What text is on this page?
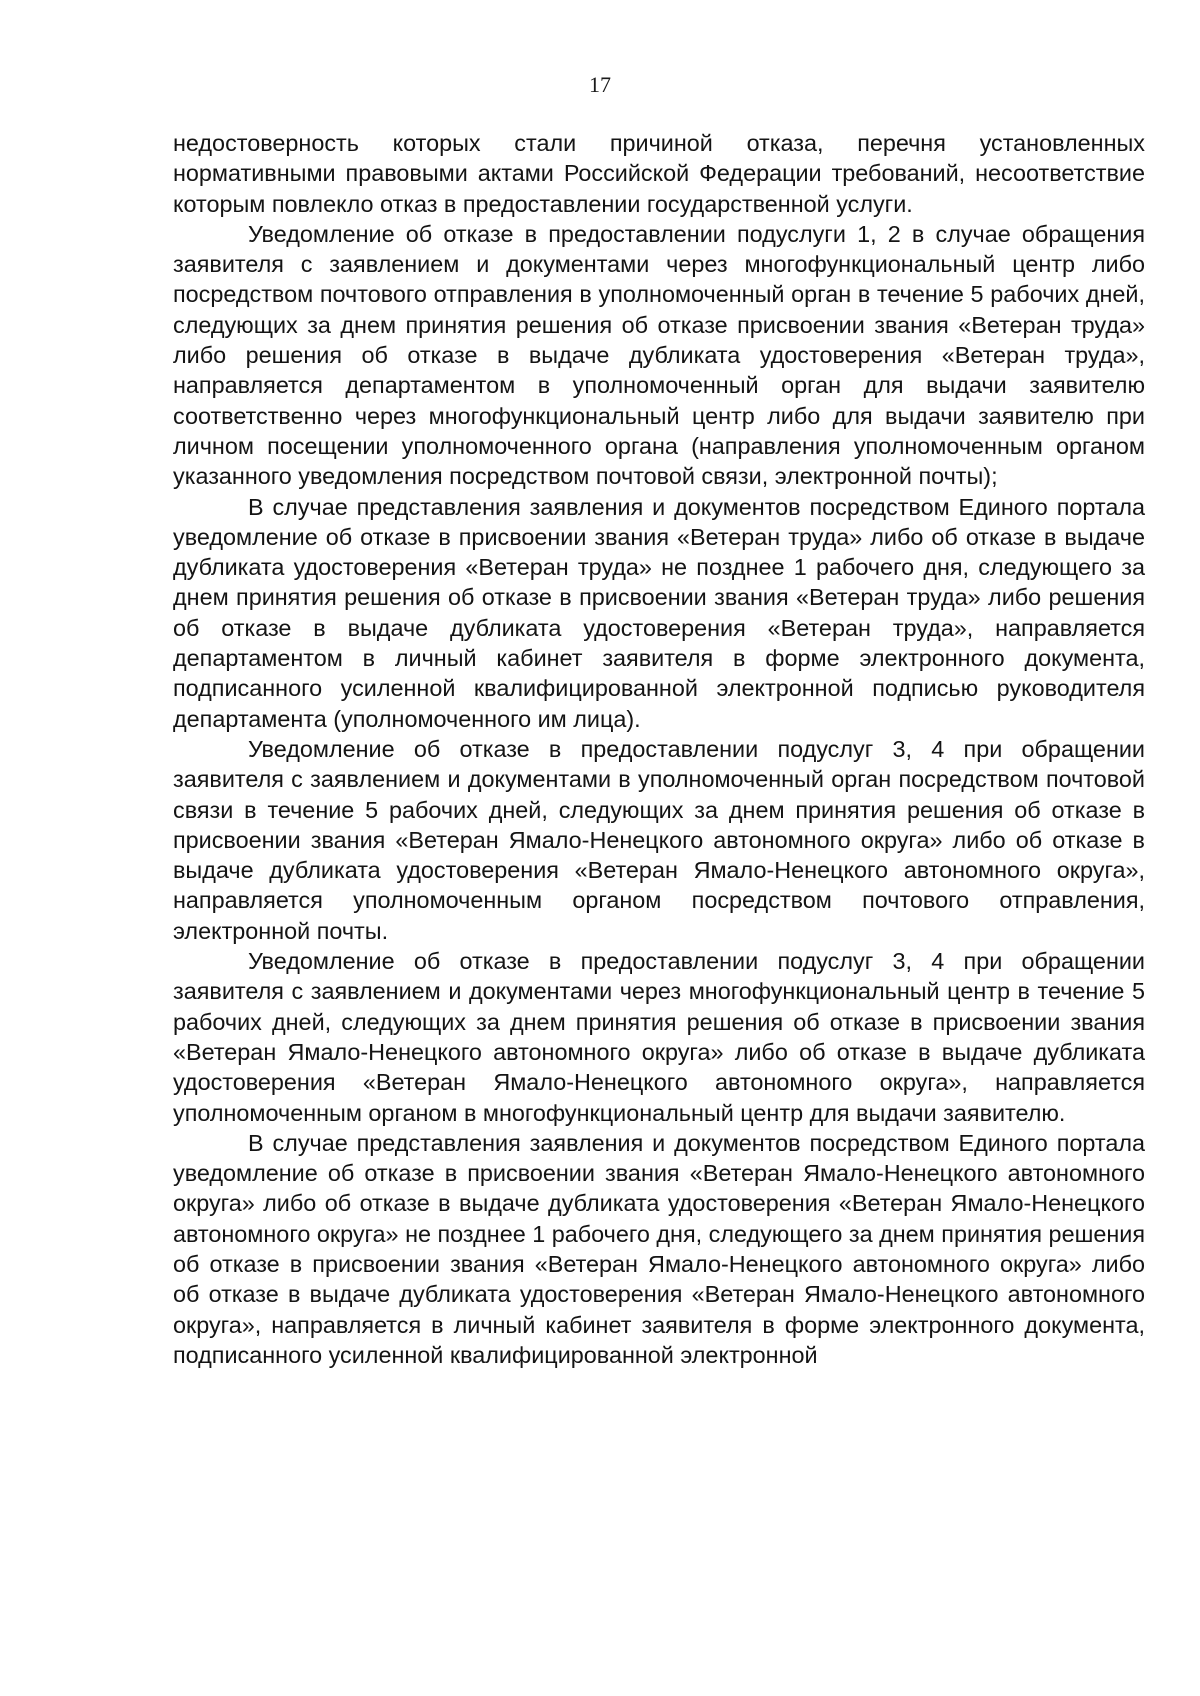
17

недостоверность которых стали причиной отказа, перечня установленных нормативными правовыми актами Российской Федерации требований, несоответствие которым повлекло отказ в предоставлении государственной услуги.

Уведомление об отказе в предоставлении подуслуги 1, 2 в случае обращения заявителя с заявлением и документами через многофункциональный центр либо посредством почтового отправления в уполномоченный орган в течение 5 рабочих дней, следующих за днем принятия решения об отказе присвоении звания «Ветеран труда» либо решения об отказе в выдаче дубликата удостоверения «Ветеран труда», направляется департаментом в уполномоченный орган для выдачи заявителю соответственно через многофункциональный центр либо для выдачи заявителю при личном посещении уполномоченного органа (направления уполномоченным органом указанного уведомления посредством почтовой связи, электронной почты);

В случае представления заявления и документов посредством Единого портала уведомление об отказе в присвоении звания «Ветеран труда» либо об отказе в выдаче дубликата удостоверения «Ветеран труда» не позднее 1 рабочего дня, следующего за днем принятия решения об отказе в присвоении звания «Ветеран труда» либо решения об отказе в выдаче дубликата удостоверения «Ветеран труда», направляется департаментом в личный кабинет заявителя в форме электронного документа, подписанного усиленной квалифицированной электронной подписью руководителя департамента (уполномоченного им лица).

Уведомление об отказе в предоставлении подуслуг 3, 4 при обращении заявителя с заявлением и документами в уполномоченный орган посредством почтовой связи в течение 5 рабочих дней, следующих за днем принятия решения об отказе в присвоении звания «Ветеран Ямало-Ненецкого автономного округа» либо об отказе в выдаче дубликата удостоверения «Ветеран Ямало-Ненецкого автономного округа», направляется уполномоченным органом посредством почтового отправления, электронной почты.

Уведомление об отказе в предоставлении подуслуг 3, 4 при обращении заявителя с заявлением и документами через многофункциональный центр в течение 5 рабочих дней, следующих за днем принятия решения об отказе в присвоении звания «Ветеран Ямало-Ненецкого автономного округа» либо об отказе в выдаче дубликата удостоверения «Ветеран Ямало-Ненецкого автономного округа», направляется уполномоченным органом в многофункциональный центр для выдачи заявителю.

В случае представления заявления и документов посредством Единого портала уведомление об отказе в присвоении звания «Ветеран Ямало-Ненецкого автономного округа» либо об отказе в выдаче дубликата удостоверения «Ветеран Ямало-Ненецкого автономного округа» не позднее 1 рабочего дня, следующего за днем принятия решения об отказе в присвоении звания «Ветеран Ямало-Ненецкого автономного округа» либо об отказе в выдаче дубликата удостоверения «Ветеран Ямало-Ненецкого автономного округа», направляется в личный кабинет заявителя в форме электронного документа, подписанного усиленной квалифицированной электронной
